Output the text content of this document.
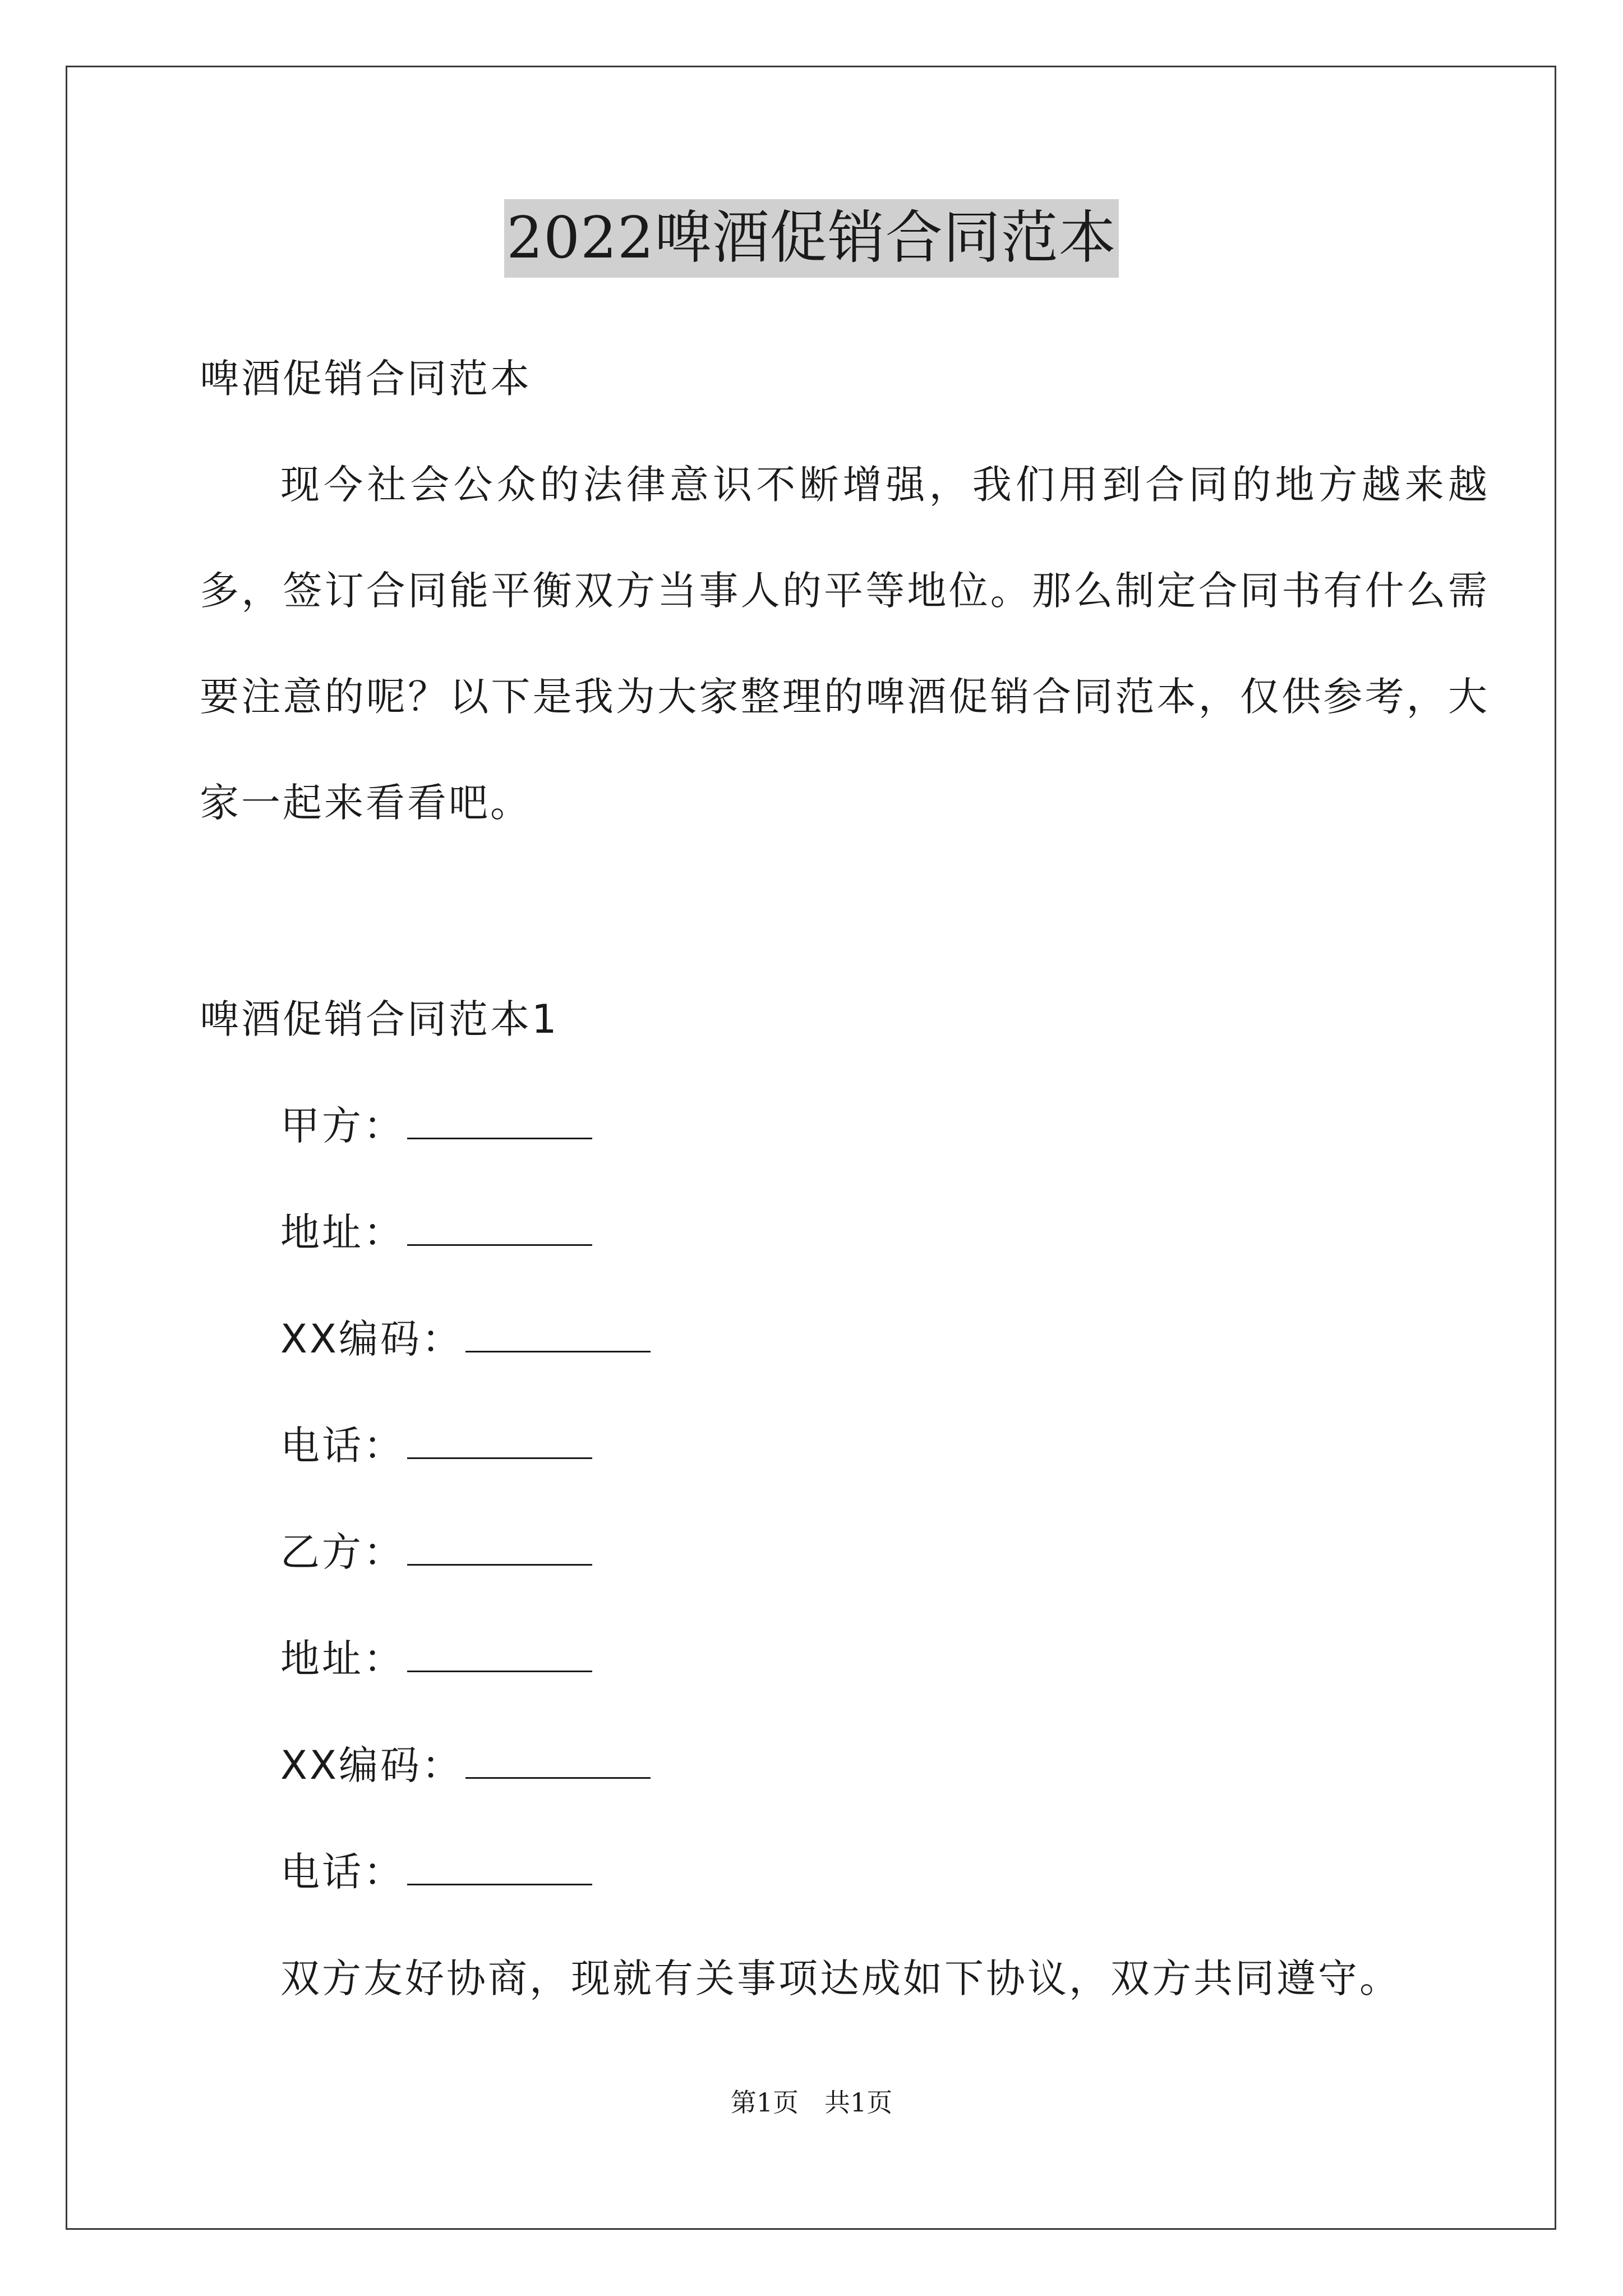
2022啤酒促销合同范本
啤酒促销合同范本

现今社会公众的法律意识不断增强，我们用到合同的地方越来越多，签订合同能平衡双方当事人的平等地位。那么制定合同书有什么需要注意的呢？以下是我为大家整理的啤酒促销合同范本，仅供参考，大家一起来看看吧。

啤酒促销合同范本1
甲方：
地址：
XX编码：
电话：
乙方：
地址：
XX编码：
电话：
双方友好协商，现就有关事项达成如下协议，双方共同遵守。
第1页　共1页
